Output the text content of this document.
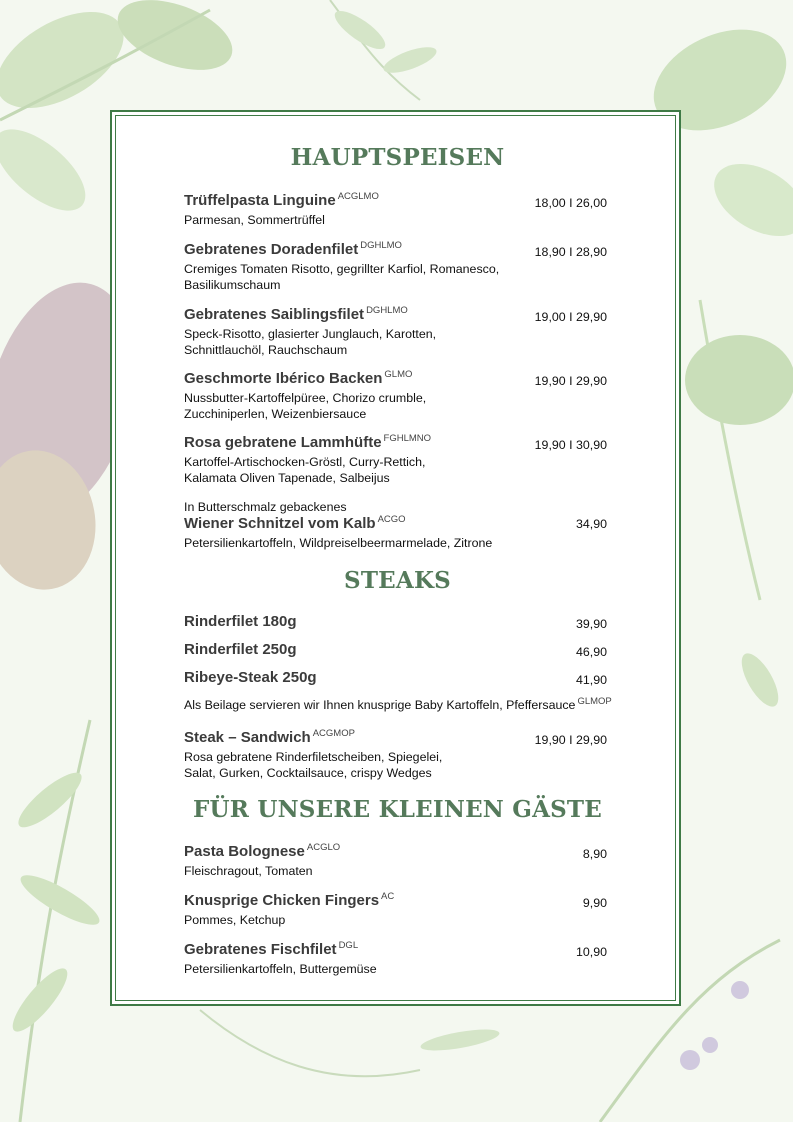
HAUPTSPEISEN
Trüffelpasta Linguine $^{ACGLMO}$
Parmesan, Sommertrüffel
18,00 I 26,00
Gebratenes Doradenfilet $^{DGHLMO}$
Cremiges Tomaten Risotto, gegrillter Karfiol, Romanesco,
Basilikumschaum
18,90 I 28,90
Gebratenes Saiblingsfilet $^{DGHLMO}$
Speck-Risotto, glasierter Junglauch, Karotten,
Schnittlauchöl, Rauchschaum
19,00 I 29,90
Geschmorte Ibérico Backen $^{GLMO}$
Nussbutter-Kartoffelpüree, Chorizo crumble,
Zucchiniperlen, Weizenbiersauce
19,90 I 29,90
Rosa gebratene Lammhüfte $^{FGHLMNO}$
Kartoffel-Artischocken-Gröstl, Curry-Rettich,
Kalamata Oliven Tapenade, Salbeijus
19,90 I 30,90
In Butterschmalz gebackenes
Wiener Schnitzel vom Kalb $^{ACGO}$
Petersilienkartoffeln, Wildpreiselbeermarmelade, Zitrone
34,90
STEAKS
Rinderfilet 180g	39,90
Rinderfilet 250g	46,90
Ribeye-Steak 250g	41,90
Als Beilage servieren wir Ihnen knusprige Baby Kartoffeln, Pfeffersauce $^{GLMOP}$
Steak – Sandwich $^{ACGMOP}$
Rosa gebratene Rinderfiletscheiben, Spiegelei,
Salat, Gurken, Cocktailsauce, crispy Wedges
19,90 I 29,90
FÜR UNSERE KLEINEN GÄSTE
Pasta Bolognese $^{ACGLO}$
Fleischragout, Tomaten
8,90
Knusprige Chicken Fingers $^{AC}$
Pommes, Ketchup
9,90
Gebratenes Fischfilet $^{DGL}$
Petersilienkartoffeln, Buttergemüse
10,90
